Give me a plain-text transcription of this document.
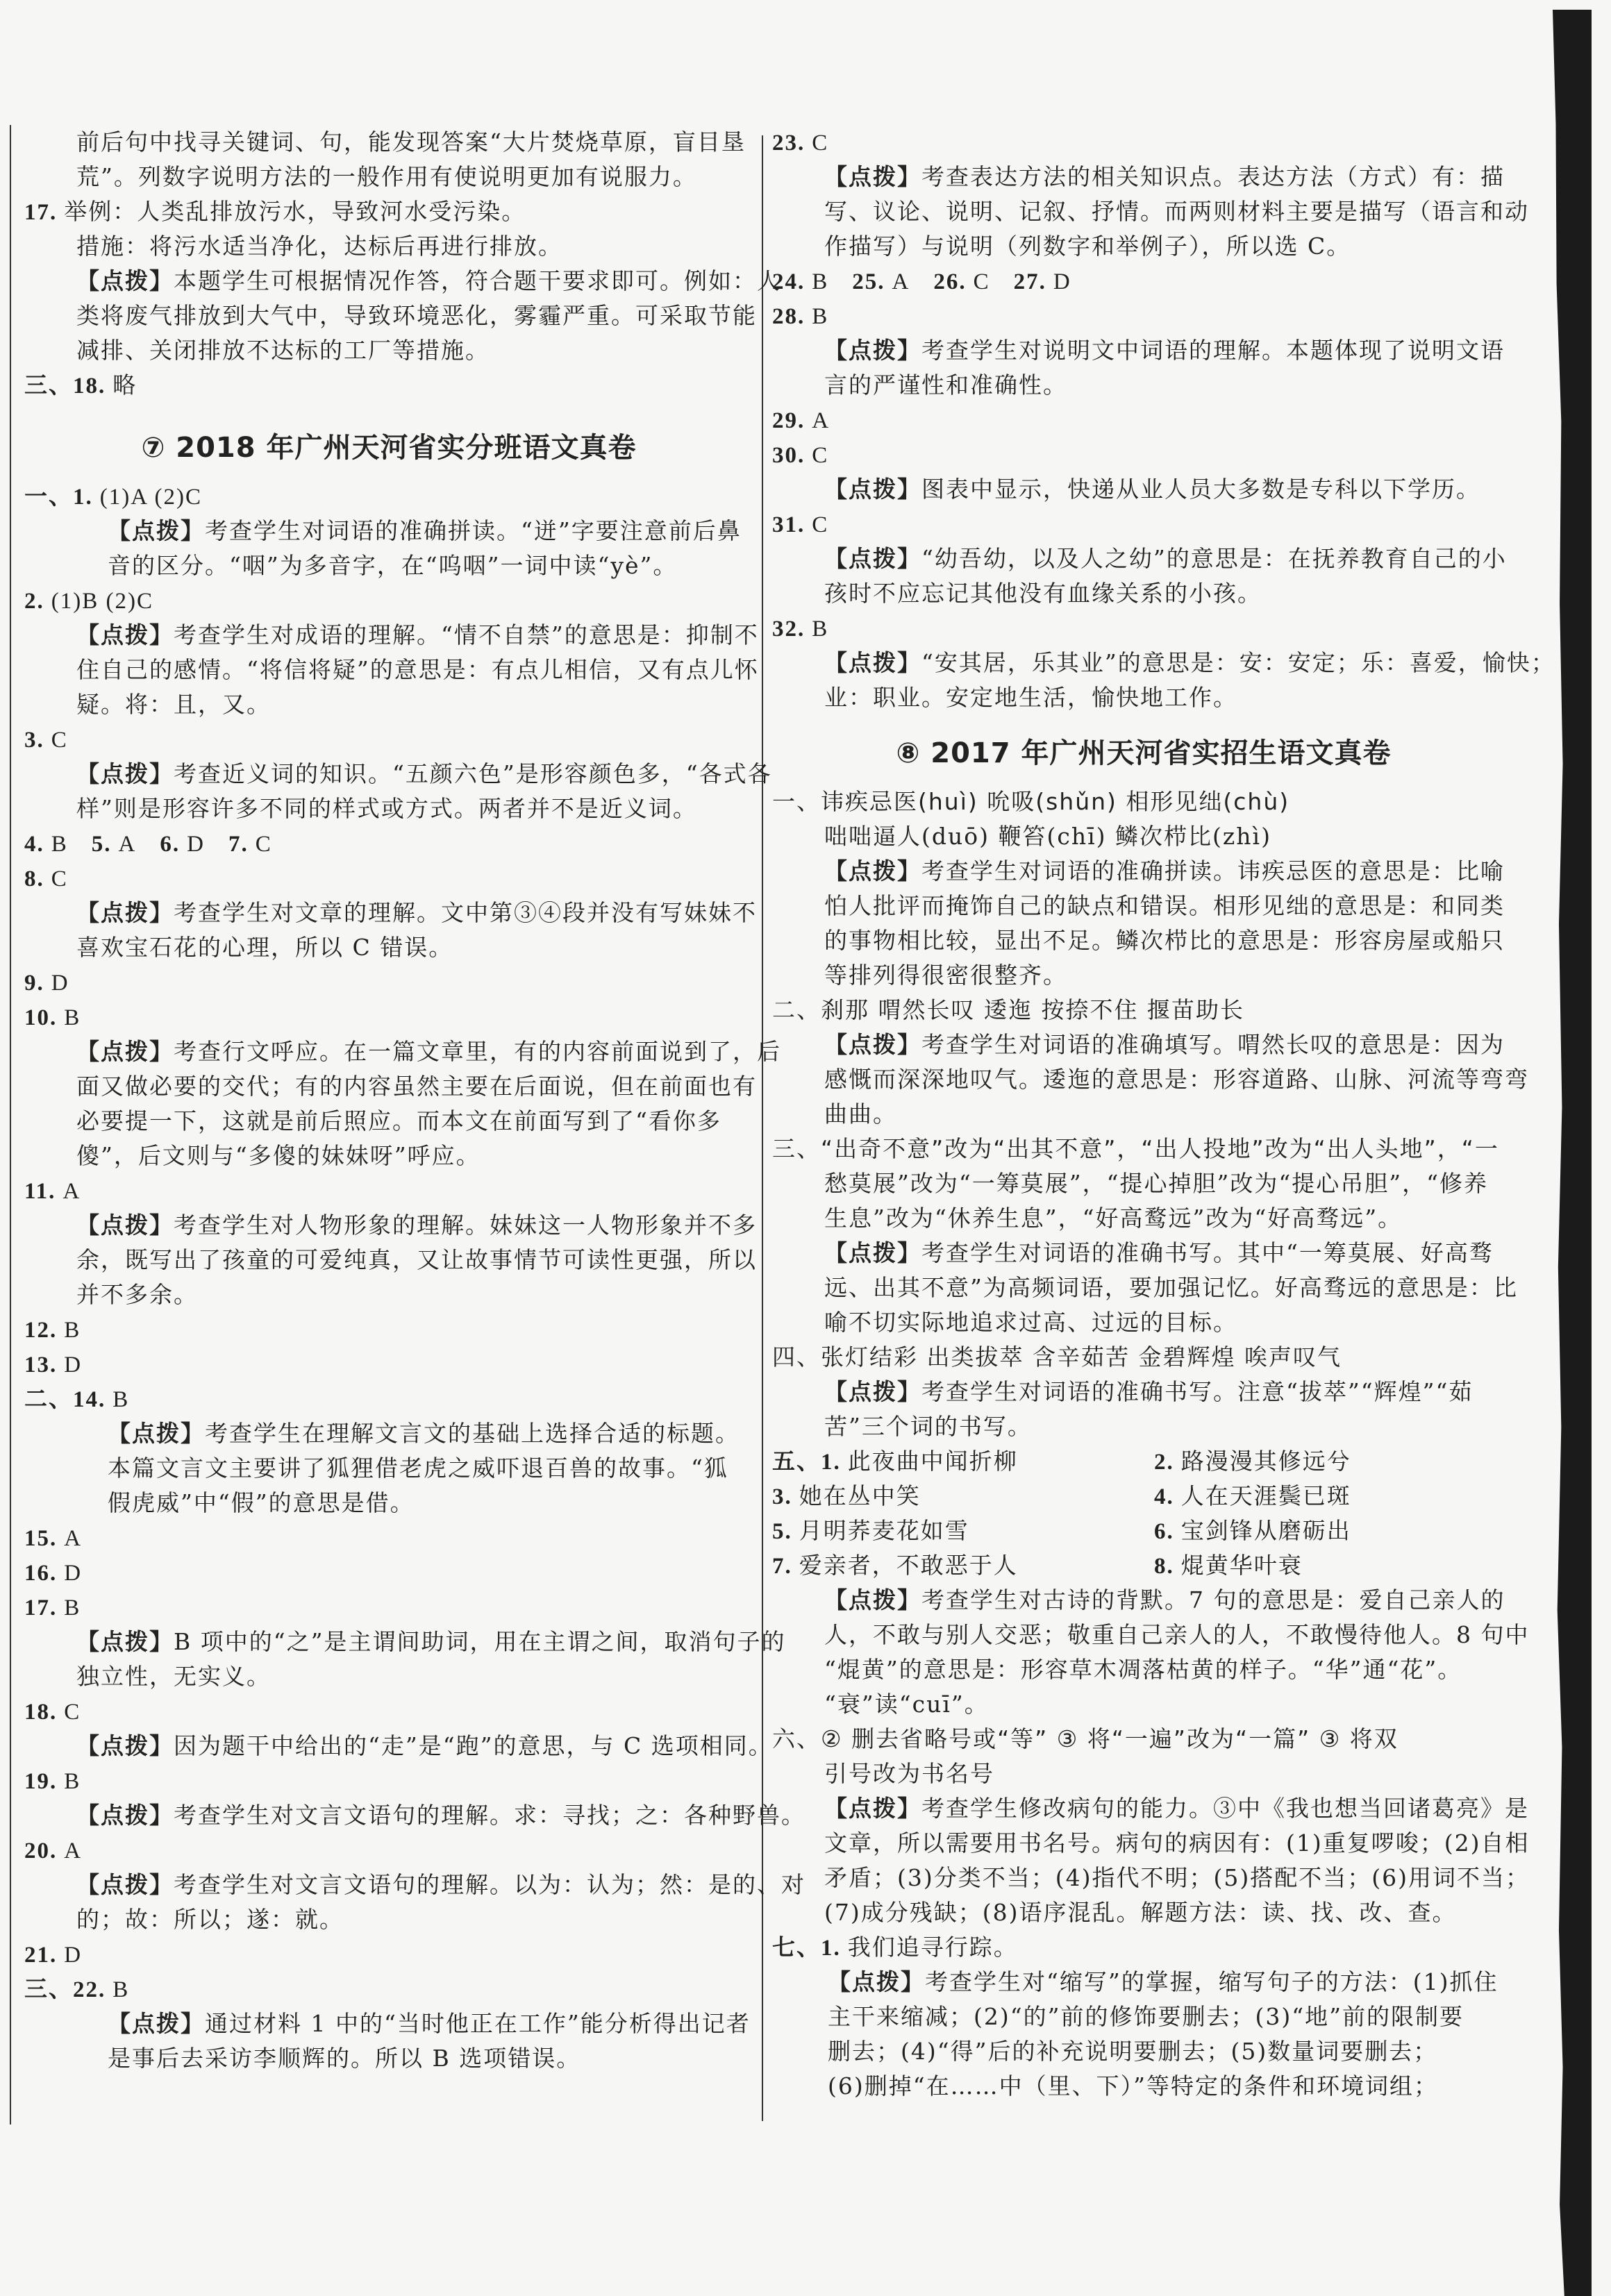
前后句中找寻关键词、句，能发现答案“大片焚烧草原，盲目垦
荒”。列数字说明方法的一般作用有使说明更加有说服力。
17. 举例：人类乱排放污水，导致河水受污染。
措施：将污水适当净化，达标后再进行排放。
【点拨】本题学生可根据情况作答，符合题干要求即可。例如：人
类将废气排放到大气中，导致环境恶化，雾霾严重。可采取节能
减排、关闭排放不达标的工厂等措施。
三、18. 略
⑦ 2018 年广州天河省实分班语文真卷
一、1. (1)A (2)C
【点拨】考查学生对词语的准确拼读。“迸”字要注意前后鼻
音的区分。“咽”为多音字，在“呜咽”一词中读“yè”。
2. (1)B (2)C
【点拨】考查学生对成语的理解。“情不自禁”的意思是：抑制不
住自己的感情。“将信将疑”的意思是：有点儿相信，又有点儿怀
疑。将：且，又。
3. C
【点拨】考查近义词的知识。“五颜六色”是形容颜色多，“各式各
样”则是形容许多不同的样式或方式。两者并不是近义词。
4. B 5. A 6. D 7. C
8. C
【点拨】考查学生对文章的理解。文中第③④段并没有写妹妹不
喜欢宝石花的心理，所以 C 错误。
9. D
10. B
【点拨】考查行文呼应。在一篇文章里，有的内容前面说到了，后
面又做必要的交代；有的内容虽然主要在后面说，但在前面也有
必要提一下，这就是前后照应。而本文在前面写到了“看你多
傻”，后文则与“多傻的妹妹呀”呼应。
11. A
【点拨】考查学生对人物形象的理解。妹妹这一人物形象并不多
余，既写出了孩童的可爱纯真，又让故事情节可读性更强，所以
并不多余。
12. B
13. D
二、14. B
【点拨】考查学生在理解文言文的基础上选择合适的标题。
本篇文言文主要讲了狐狸借老虎之威吓退百兽的故事。“狐
假虎威”中“假”的意思是借。
15. A
16. D
17. B
【点拨】B 项中的“之”是主谓间助词，用在主谓之间，取消句子的
独立性，无实义。
18. C
【点拨】因为题干中给出的“走”是“跑”的意思，与 C 选项相同。
19. B
【点拨】考查学生对文言文语句的理解。求：寻找；之：各种野兽。
20. A
【点拨】考查学生对文言文语句的理解。以为：认为；然：是的、对
的；故：所以；遂：就。
21. D
三、22. B
【点拨】通过材料 1 中的“当时他正在工作”能分析得出记者
是事后去采访李顺辉的。所以 B 选项错误。
23. C
【点拨】考查表达方法的相关知识点。表达方法（方式）有：描
写、议论、说明、记叙、抒情。而两则材料主要是描写（语言和动
作描写）与说明（列数字和举例子），所以选 C。
24. B 25. A 26. C 27. D
28. B
【点拨】考查学生对说明文中词语的理解。本题体现了说明文语
言的严谨性和准确性。
29. A
30. C
【点拨】图表中显示，快递从业人员大多数是专科以下学历。
31. C
【点拨】“幼吾幼，以及人之幼”的意思是：在抚养教育自己的小
孩时不应忘记其他没有血缘关系的小孩。
32. B
【点拨】“安其居，乐其业”的意思是：安：安定；乐：喜爱，愉快；
业：职业。安定地生活，愉快地工作。
⑧ 2017 年广州天河省实招生语文真卷
一、讳疾忌医(huì) 吮吸(shǔn) 相形见绌(chù)
咄咄逼人(duō) 鞭笞(chī) 鳞次栉比(zhì)
【点拨】考查学生对词语的准确拼读。讳疾忌医的意思是：比喻
怕人批评而掩饰自己的缺点和错误。相形见绌的意思是：和同类
的事物相比较，显出不足。鳞次栉比的意思是：形容房屋或船只
等排列得很密很整齐。
二、刹那 喟然长叹 逶迤 按捺不住 揠苗助长
【点拨】考查学生对词语的准确填写。喟然长叹的意思是：因为
感慨而深深地叹气。逶迤的意思是：形容道路、山脉、河流等弯弯
曲曲。
三、“出奇不意”改为“出其不意”，“出人投地”改为“出人头地”，“一
愁莫展”改为“一筹莫展”，“提心掉胆”改为“提心吊胆”，“修养
生息”改为“休养生息”，“好高鹜远”改为“好高骛远”。
【点拨】考查学生对词语的准确书写。其中“一筹莫展、好高骛
远、出其不意”为高频词语，要加强记忆。好高骛远的意思是：比
喻不切实际地追求过高、过远的目标。
四、张灯结彩 出类拔萃 含辛茹苦 金碧辉煌 唉声叹气
【点拨】考查学生对词语的准确书写。注意“拔萃”“辉煌”“茹
苦”三个词的书写。
五、1. 此夜曲中闻折柳	2. 路漫漫其修远兮
3. 她在丛中笑	4. 人在天涯鬓已斑
5. 月明荞麦花如雪	6. 宝剑锋从磨砺出
7. 爱亲者，不敢恶于人	8. 焜黄华叶衰
【点拨】考查学生对古诗的背默。7 句的意思是：爱自己亲人的
人，不敢与别人交恶；敬重自己亲人的人，不敢慢待他人。8 句中
“焜黄”的意思是：形容草木凋落枯黄的样子。“华”通“花”。
“衰”读“cuī”。
六、② 删去省略号或“等” ③ 将“一遍”改为“一篇” ③ 将双
引号改为书名号
【点拨】考查学生修改病句的能力。③中《我也想当回诸葛亮》是
文章，所以需要用书名号。病句的病因有：(1)重复啰唆；(2)自相
矛盾；(3)分类不当；(4)指代不明；(5)搭配不当；(6)用词不当；
(7)成分残缺；(8)语序混乱。解题方法：读、找、改、查。
七、1. 我们追寻行踪。
【点拨】考查学生对“缩写”的掌握，缩写句子的方法：(1)抓住
主干来缩减；(2)“的”前的修饰要删去；(3)“地”前的限制要
删去；(4)“得”后的补充说明要删去；(5)数量词要删去；
(6)删掉“在……中（里、下）”等特定的条件和环境词组；
